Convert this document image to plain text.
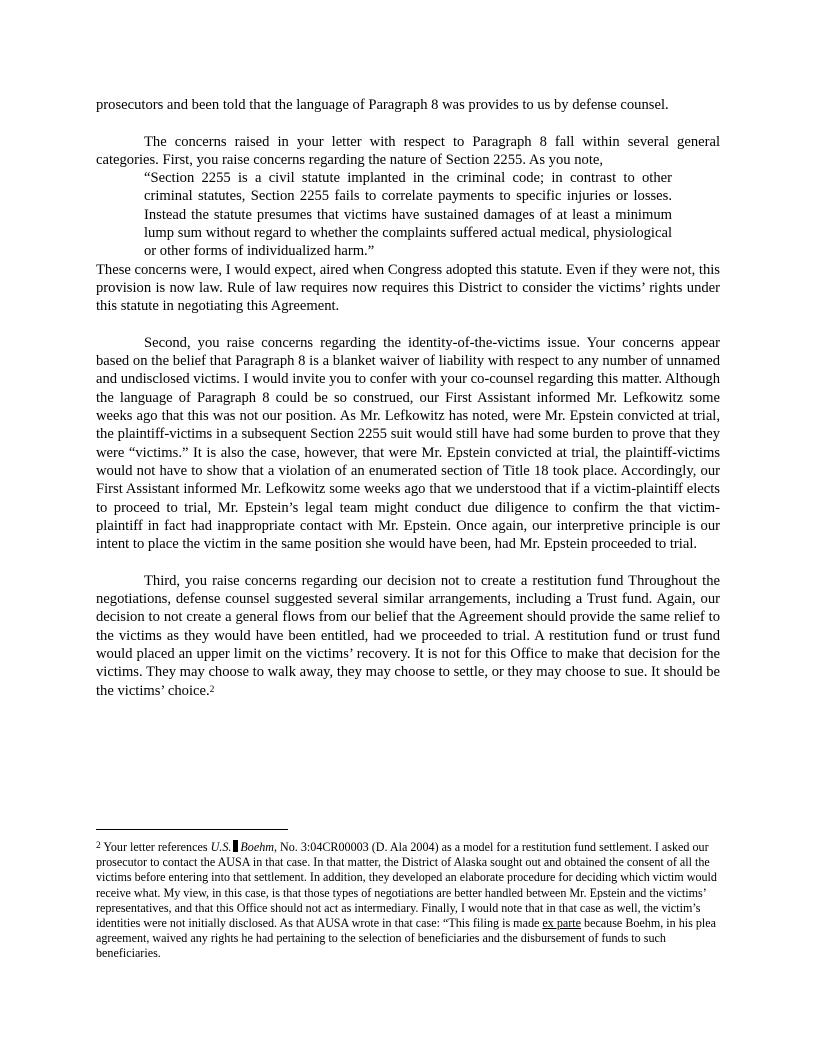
prosecutors and been told that the language of Paragraph 8 was provides to us by defense counsel.

The concerns raised in your letter with respect to Paragraph 8 fall within several general categories. First, you raise concerns regarding the nature of Section 2255. As you note,

“Section 2255 is a civil statute implanted in the criminal code; in contrast to other criminal statutes, Section 2255 fails to correlate payments to specific injuries or losses. Instead the statute presumes that victims have sustained damages of at least a minimum lump sum without regard to whether the complaints suffered actual medical, physiological or other forms of individualized harm.”

These concerns were, I would expect, aired when Congress adopted this statute. Even if they were not, this provision is now law. Rule of law requires now requires this District to consider the victims’ rights under this statute in negotiating this Agreement.

Second, you raise concerns regarding the identity-of-the-victims issue. Your concerns appear based on the belief that Paragraph 8 is a blanket waiver of liability with respect to any number of unnamed and undisclosed victims. I would invite you to confer with your co-counsel regarding this matter. Although the language of Paragraph 8 could be so construed, our First Assistant informed Mr. Lefkowitz some weeks ago that this was not our position. As Mr. Lefkowitz has noted, were Mr. Epstein convicted at trial, the plaintiff-victims in a subsequent Section 2255 suit would still have had some burden to prove that they were “victims.” It is also the case, however, that were Mr. Epstein convicted at trial, the plaintiff-victims would not have to show that a violation of an enumerated section of Title 18 took place. Accordingly, our First Assistant informed Mr. Lefkowitz some weeks ago that we understood that if a victim-plaintiff elects to proceed to trial, Mr. Epstein’s legal team might conduct due diligence to confirm the that victim-plaintiff in fact had inappropriate contact with Mr. Epstein. Once again, our interpretive principle is our intent to place the victim in the same position she would have been, had Mr. Epstein proceeded to trial.

Third, you raise concerns regarding our decision not to create a restitution fund Throughout the negotiations, defense counsel suggested several similar arrangements, including a Trust fund. Again, our decision to not create a general flows from our belief that the Agreement should provide the same relief to the victims as they would have been entitled, had we proceeded to trial. A restitution fund or trust fund would placed an upper limit on the victims’ recovery. It is not for this Office to make that decision for the victims. They may choose to walk away, they may choose to settle, or they may choose to sue. It should be the victims’ choice.$^2$

$^2$ Your letter references U.S. Boehm, No. 3:04CR00003 (D. Ala 2004) as a model for a restitution fund settlement. I asked our prosecutor to contact the AUSA in that case. In that matter, the District of Alaska sought out and obtained the consent of all the victims before entering into that settlement. In addition, they developed an elaborate procedure for deciding which victim would receive what. My view, in this case, is that those types of negotiations are better handled between Mr. Epstein and the victims’ representatives, and that this Office should not act as intermediary. Finally, I would note that in that case as well, the victim’s identities were not initially disclosed. As that AUSA wrote in that case: “This filing is made ex parte because Boehm, in his plea agreement, waived any rights he had pertaining to the selection of beneficiaries and the disbursement of funds to such beneficiaries.
